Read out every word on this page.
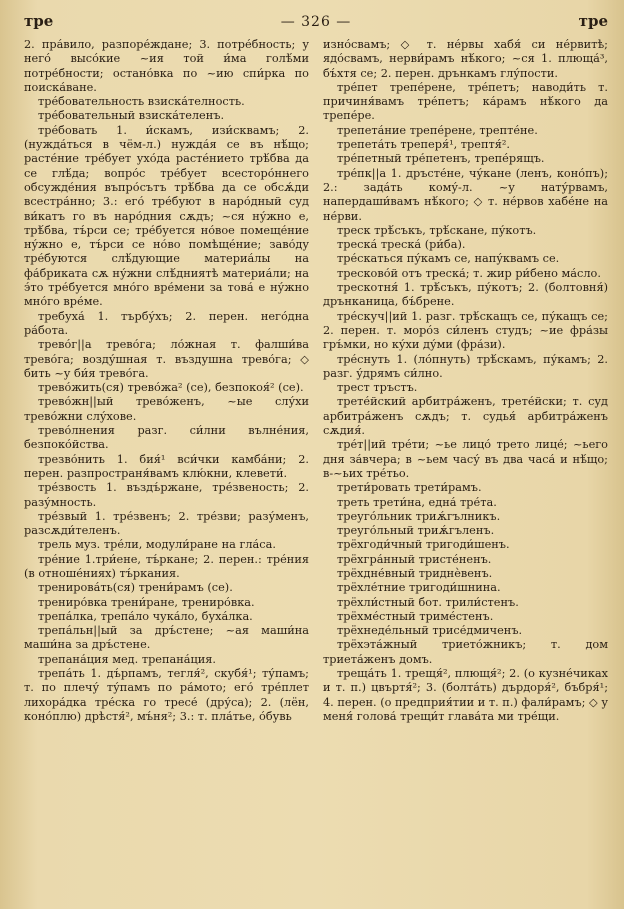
тре	— 326 —	тре

2. пра́вило, разпоре́ждане; 3. потре́бность; у него́ высо́кие ~ия той и́ма голѣ́ми потре́бности; остано́вка по ~ию спи́рка по поиска́ване.

тре́бовательность взиска́телность.

тре́бовательный взиска́теленъ.

тре́бовать 1. и́скамъ, изи́сквамъ; 2. (нужда́ться в чём-л.) нужда́я се въ нѣ́що; расте́ние тре́бует ухо́да расте́нието трѣ́бва да се глѣ́да; вопро́с тре́бует всесторо́ннего обсужде́ния въпро́сътъ трѣ́бва да се обсѫ́ди всестра́нно; 3.: его́ тре́буют в наро́дный суд ви́катъ го въ наро́дния сѫдъ; ~ся ну́жно е, трѣ́бва, тъ́рси се; тре́буется но́вое помеще́ние ну́жно е, тъ́рси се но́во помѣще́ние; заво́ду тре́буются слѣ́дующие материа́лы на фа́бриката сѫ ну́жни слѣ́дниятѣ материа́ли; на э́то тре́буется мно́го вре́мени за това́ е ну́жно мно́го вре́ме.

требуха́ 1. търбу́хъ; 2. перен. него́дна ра́бота.

трево́г||а трево́га; ло́жная т. фалши́ва трево́га; возду́шная т. въздушна трево́га; ◇ бить ~у би́я трево́га.

трево́жить(ся) трево́жа² (се), безпокоя́² (се).

трево́жн||ый трево́женъ, ~ые слу́хи трево́жни слу́хове.

трево́лнения разг. си́лни вълне́ния, безпоко́йства.

трезво́нить 1. бия́¹ вси́чки камба́ни; 2. перен. разпространя́вамъ клю́кни, клевети́.

тре́звость 1. въздъ́ржане, тре́звеность; 2. разу́мность.

тре́звый 1. тре́звенъ; 2. тре́зви; разу́менъ, разсѫди́теленъ.

трель муз. тре́ли, модули́ране на гла́са.

тре́ние 1.три́ене, тъ́ркане; 2. перен.: тре́ния (в отноше́ниях) тъ́ркания.

тренирова́ть(ся) трени́рамъ (се).

трениро́вка трени́ране, трениро́вка.

трепа́лка, трепа́ло чука́ло, буха́лка.

трепа́льн||ый за дръ́стене; ~ая маши́на маши́на за дръ́стене.

трепана́ция мед. трепана́ция.

трепа́ть 1. дъ́рпамъ, тегля́², скубя́¹; ту́памъ; т. по плечу́ ту́памъ по ра́мото; его́ тре́плет лихора́дка тре́ска го тресе́ (дру́са); 2. (лён, коно́плю) дрѣстя́², мъ́ня²; 3.: т. пла́тье, о́бувь

изно́свамъ; ◇ т. не́рвы хабя́ си не́рвитѣ; ядо́свамъ, нерви́рамъ нѣ́кого; ~ся 1. плюща́³, бъ́хтя се; 2. перен. дрънкамъ глу́пости.

тре́пет трепе́рене, тре́петъ; наводи́ть т. причиня́вамъ тре́петъ; ка́рамъ нѣ́кого да трепе́ре.

трепета́ние трепе́рене, трепте́не.

трепета́ть треперя́¹, трептя́².

тре́петный тре́петенъ, трепе́рящъ.

тре́пк||а 1. дръсте́не, чу́кане (ленъ, коно́пъ); 2.: зада́ть кому́-л. ~у нату́рвамъ, напердаши́вамъ нѣ́кого; ◇ т. не́рвов хабе́не на не́рви.

треск трѣ́съкъ, трѣ́скане, пу́котъ.

треска́ треска́ (ри́ба).

тре́скаться пу́камъ се, напу́квамъ се.

тресково́й отъ треска́; т. жир ри́бено ма́сло.

трескотня́ 1. трѣ́съкъ, пу́котъ; 2. (болтовня́) дрънканица, бъ́брене.

тре́скуч||ий 1. разг. трѣ́скащъ се, пу́кащъ се; 2. перен. т. моро́з си́ленъ студъ; ~ие фра́зы гръ́мки, но ку́хи ду́ми (фра́зи).

тре́снуть 1. (ло́пнуть) трѣ́скамъ, пу́камъ; 2. разг. у́дрямъ си́лно.

трест тръстъ.

трете́йский арбитра́женъ, трете́йски; т. суд арбитра́женъ сѫдъ; т. судья́ арбитра́женъ сѫдия́.

тре́т||ий тре́ти; ~ье лицо́ трето лице́; ~ьего дня за́вчера; в ~ьем часу́ въ два часа́ и нѣ́що; в-~ьих тре́тьо.

трети́ровать трети́рамъ.

треть трети́на, една́ тре́та.

треуго́льник триѫ́гълникъ.

треуго́льный триѫ́гъленъ.

трёхгоди́чный тригоди́шенъ.

трёхгра́нный тристе́ненъ.

трёхдне́вный триднѐвенъ.

трёхле́тние тригоди́шнина.

трёхли́стный бот. трили́стенъ.

трёхме́стный триме́стенъ.

трёхнеде́льный трисе́дмиченъ.

трёхэта́жный трието́жникъ; т. дом триета́женъ домъ.

треща́ть 1. трещя́², плющя́²; 2. (о кузне́чиках и т. п.) цвъртя́²; 3. (болта́ть) дърдоря́², бъбря́¹; 4. перен. (о предприя́тии и т. п.) фали́рамъ; ◇ у меня́ голова́ трещи́т глава́та ми тре́щи.
